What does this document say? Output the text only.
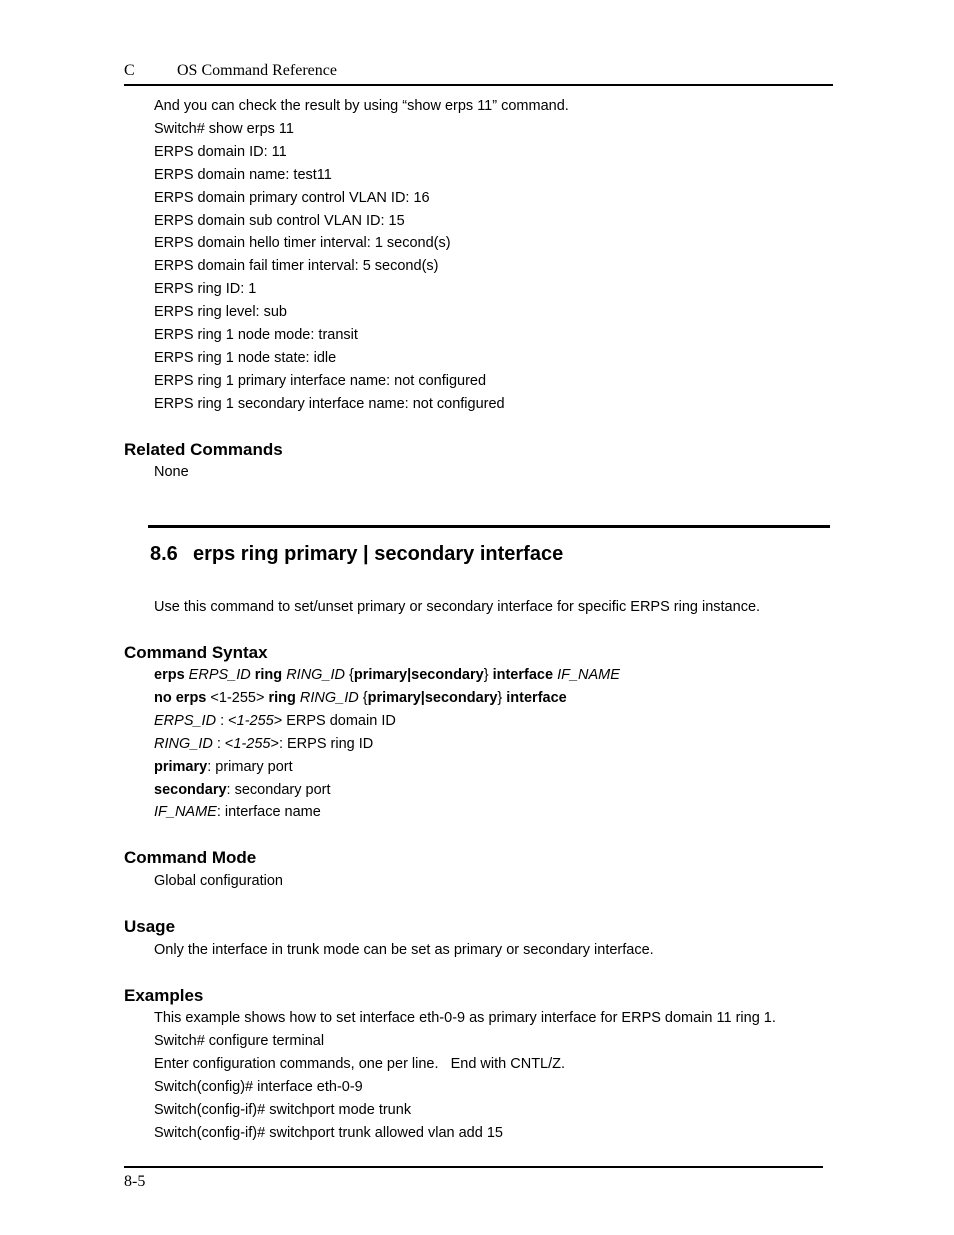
C	OS Command Reference
And you can check the result by using “show erps 11” command.
Switch# show erps 11
ERPS domain ID: 11
ERPS domain name: test11
ERPS domain primary control VLAN ID: 16
ERPS domain sub control VLAN ID: 15
ERPS domain hello timer interval: 1 second(s)
ERPS domain fail timer interval: 5 second(s)
ERPS ring ID: 1
ERPS ring level: sub
ERPS ring 1 node mode: transit
ERPS ring 1 node state: idle
ERPS ring 1 primary interface name: not configured
ERPS ring 1 secondary interface name: not configured
Related Commands
None
8.6 erps ring primary | secondary interface
Use this command to set/unset primary or secondary interface for specific ERPS ring instance.
Command Syntax
erps ERPS_ID ring RING_ID {primary|secondary} interface IF_NAME
no erps <1-255> ring RING_ID {primary|secondary} interface
ERPS_ID : <1-255> ERPS domain ID
RING_ID : <1-255>: ERPS ring ID
primary: primary port
secondary: secondary port
IF_NAME: interface name
Command Mode
Global configuration
Usage
Only the interface in trunk mode can be set as primary or secondary interface.
Examples
This example shows how to set interface eth-0-9 as primary interface for ERPS domain 11 ring 1.
Switch# configure terminal
Enter configuration commands, one per line.   End with CNTL/Z.
Switch(config)# interface eth-0-9
Switch(config-if)# switchport mode trunk
Switch(config-if)# switchport trunk allowed vlan add 15
8-5
